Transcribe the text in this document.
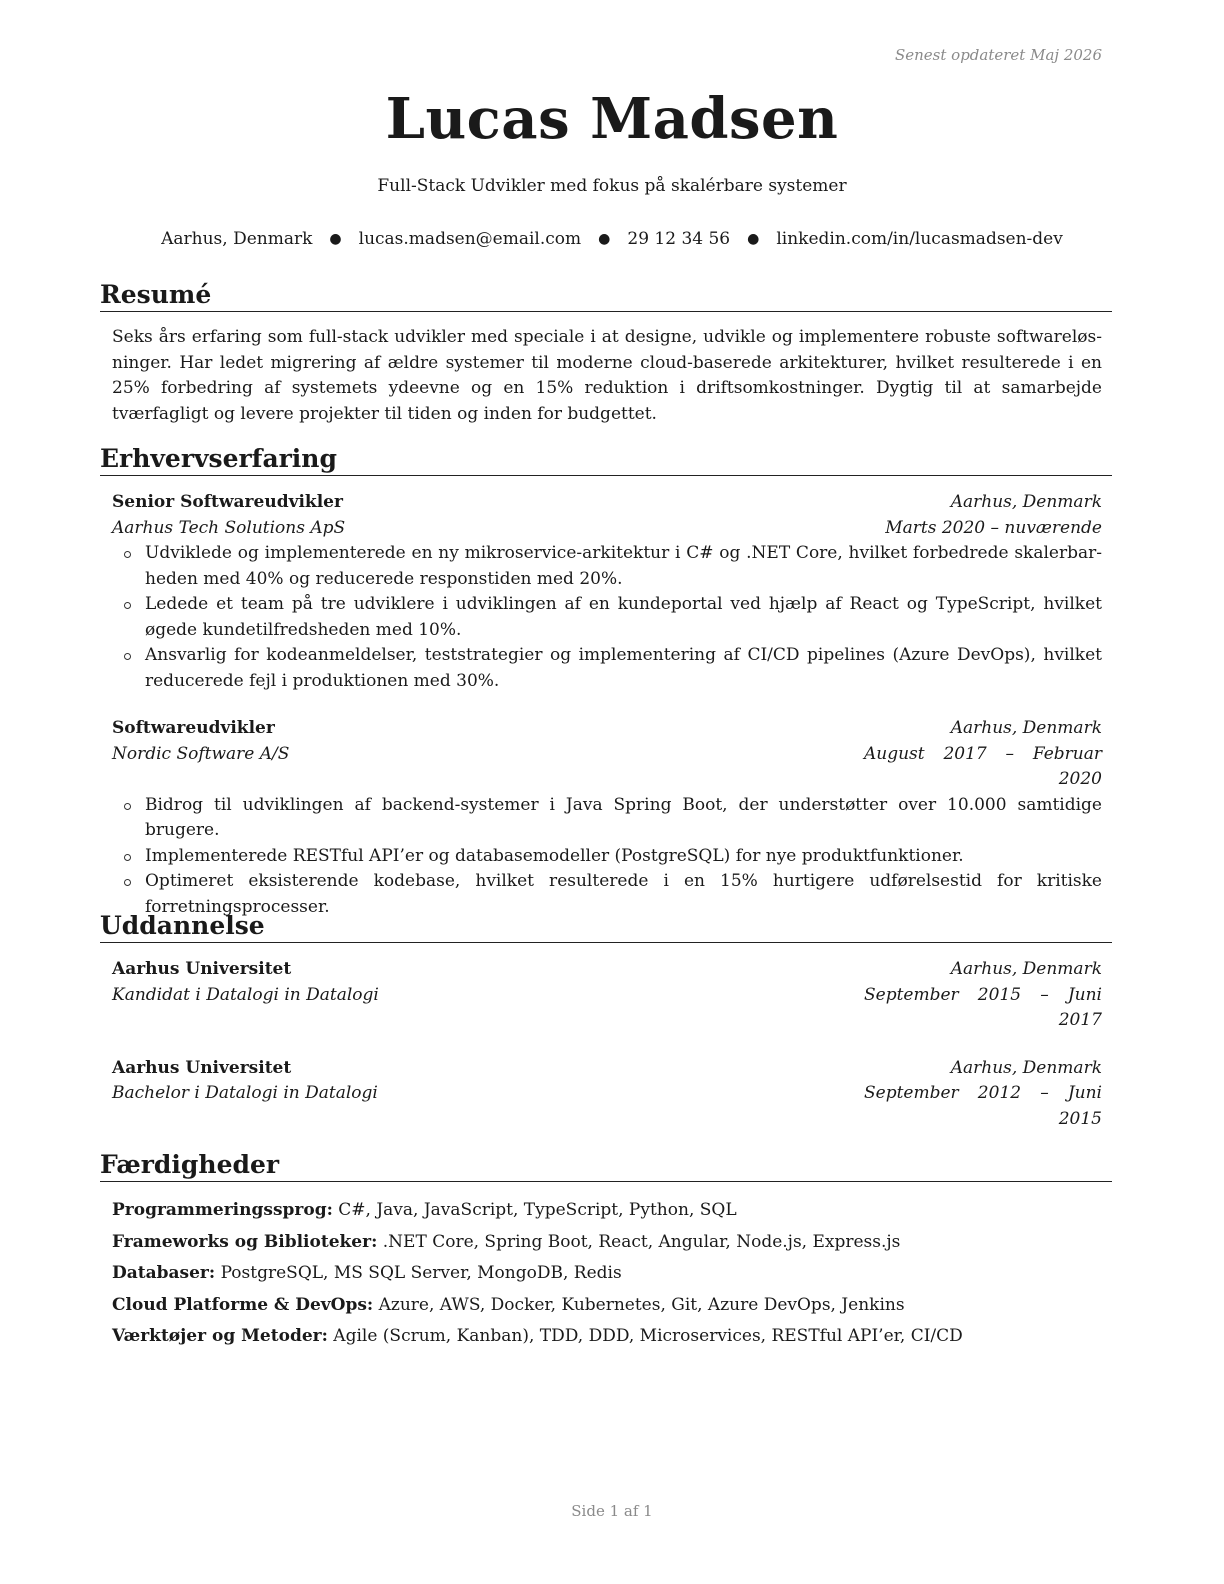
Senest opdateret Maj 2026
Lucas Madsen
Full-Stack Udvikler med fokus på skalérbare systemer
Aarhus, Denmark ● lucas.madsen@email.com ● 29 12 34 56 ● linkedin.com/in/lucasmadsen-dev
Resumé
Seks års erfaring som full-stack udvikler med speciale i at designe, udvikle og implementere robuste softwareløsninger. Har ledet migrering af ældre systemer til moderne cloud-baserede arkitekturer, hvilket resulterede i en 25% forbedring af systemets ydeevne og en 15% reduktion i driftsomkostninger. Dygtig til at samarbejde tværfagligt og levere projekter til tiden og inden for budgettet.
Erhvervserfaring
Senior Softwareudvikler	Aarhus, Denmark
Aarhus Tech Solutions ApS	Marts 2020 – nuværende
Udviklede og implementerede en ny mikroservice-arkitektur i C# og .NET Core, hvilket forbedrede skalerbarheden med 40% og reducerede responstiden med 20%.
Ledede et team på tre udviklere i udviklingen af en kundeportal ved hjælp af React og TypeScript, hvilket øgede kundetilfredsheden med 10%.
Ansvarlig for kodeanmeldelser, teststrategier og implementering af CI/CD pipelines (Azure DevOps), hvilket reducerede fejl i produktionen med 30%.
Softwareudvikler	Aarhus, Denmark
Nordic Software A/S	August 2017 – Februar 2020
Bidrog til udviklingen af backend-systemer i Java Spring Boot, der understøtter over 10.000 samtidige brugere.
Implementerede RESTful API’er og databasemodeller (PostgreSQL) for nye produktfunktioner.
Optimeret eksisterende kodebase, hvilket resulterede i en 15% hurtigere udførelsestid for kritiske forretningsprocesser.
Uddannelse
Aarhus Universitet	Aarhus, Denmark
Kandidat i Datalogi in Datalogi	September 2015 – Juni 2017
Aarhus Universitet	Aarhus, Denmark
Bachelor i Datalogi in Datalogi	September 2012 – Juni 2015
Færdigheder
Programmeringssprog: C#, Java, JavaScript, TypeScript, Python, SQL
Frameworks og Biblioteker: .NET Core, Spring Boot, React, Angular, Node.js, Express.js
Databaser: PostgreSQL, MS SQL Server, MongoDB, Redis
Cloud Platforme & DevOps: Azure, AWS, Docker, Kubernetes, Git, Azure DevOps, Jenkins
Værktøjer og Metoder: Agile (Scrum, Kanban), TDD, DDD, Microservices, RESTful API’er, CI/CD
Side 1 af 1
